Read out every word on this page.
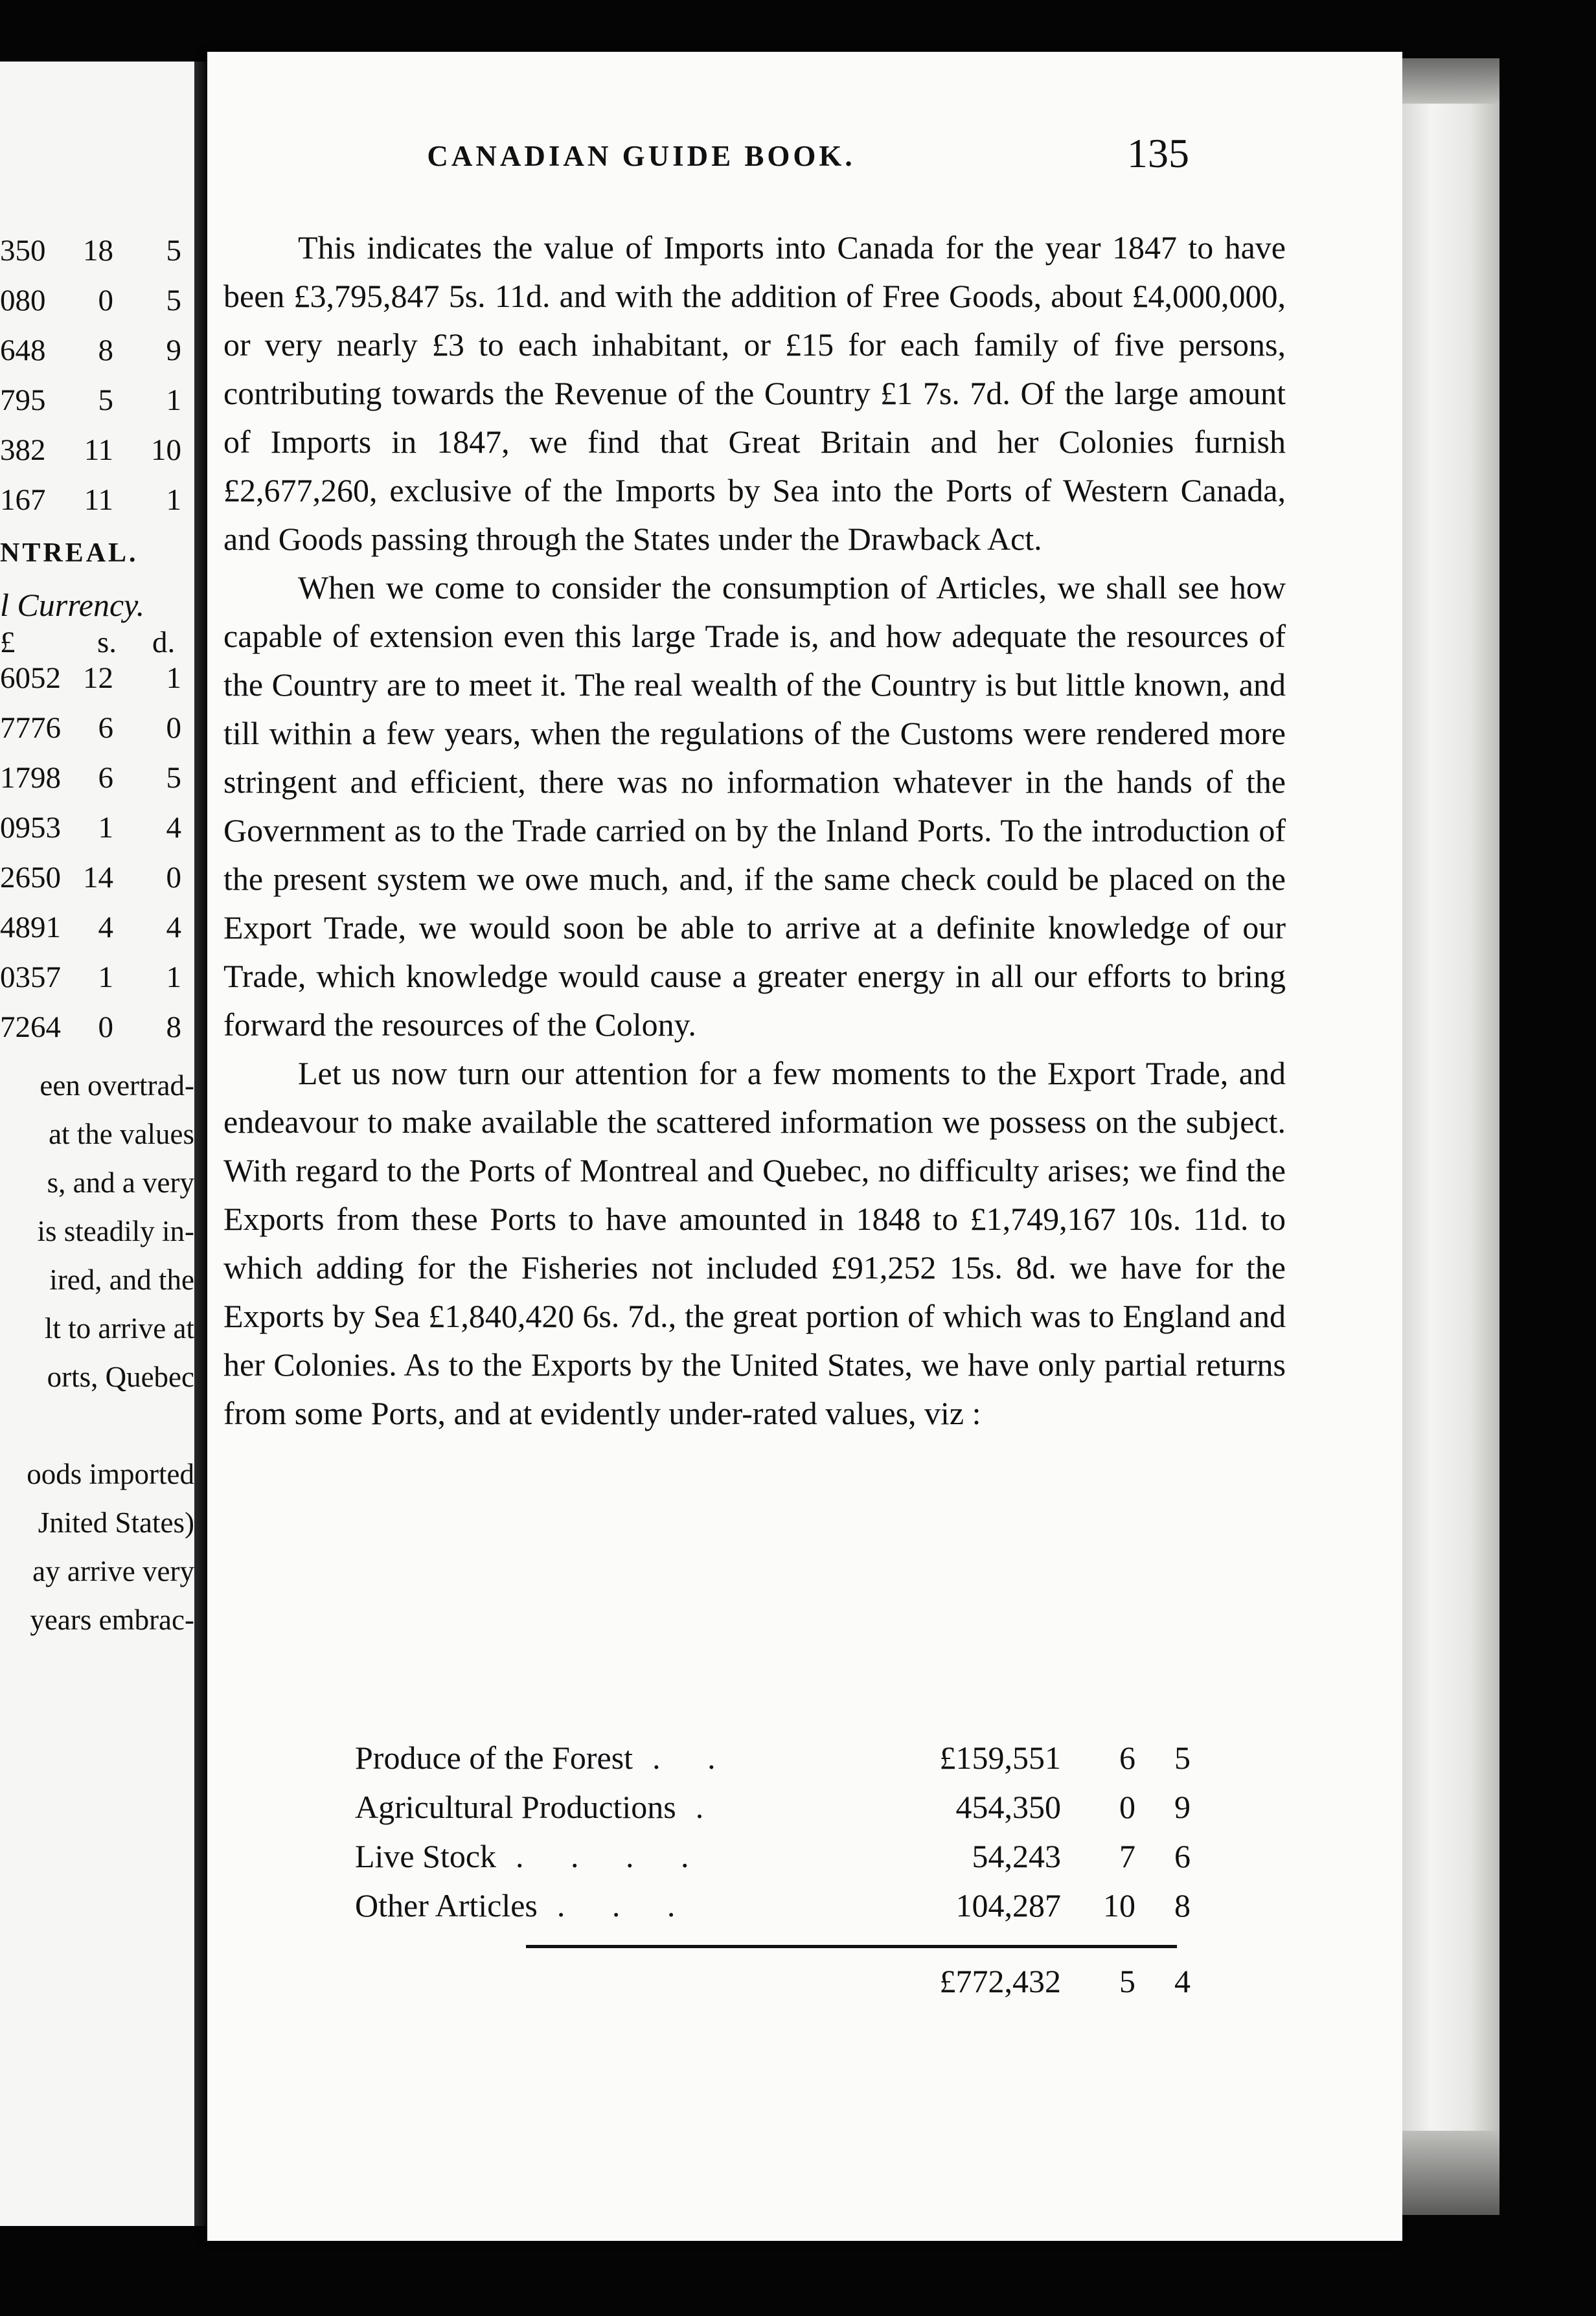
NTREAL.
l Currency.
£	s. d.
350	18	5
080	0	5
648	8	9
795	5	1
382	11 10
167	11	1
6052 12	1
7776	6	0
1798	6	5
0953	1	4
2650 14	0
4891	4	4
0357	1	1
7264	0	8
een overtrad-
at the values
s, and a very
is steadily in-
ired, and the
lt to arrive at
orts, Quebec
oods imported
Jnited States)
ay arrive very
years embrac-
CANADIAN GUIDE BOOK.	135

This indicates the value of Imports into Canada for the year 1847 to have been £3,795,847 5s. 11d. and with the addition of Free Goods, about £4,000,000, or very nearly £3 to each inhabitant, or £15 for each family of five persons, contributing towards the Revenue of the Country £1 7s. 7d. Of the large amount of Imports in 1847, we find that Great Britain and her Colonies furnish £2,677,260, exclusive of the Imports by Sea into the Ports of Western Canada, and Goods passing through the States under the Drawback Act.

When we come to consider the consumption of Articles, we shall see how capable of extension even this large Trade is, and how adequate the resources of the Country are to meet it. The real wealth of the Country is but little known, and till within a few years, when the regulations of the Customs were rendered more stringent and efficient, there was no information whatever in the hands of the Government as to the Trade carried on by the Inland Ports. To the introduction of the present system we owe much, and, if the same check could be placed on the Export Trade, we would soon be able to arrive at a definite knowledge of our Trade, which knowledge would cause a greater energy in all our efforts to bring forward the resources of the Colony.

Let us now turn our attention for a few moments to the Export Trade, and endeavour to make available the scattered information we possess on the subject. With regard to the Ports of Montreal and Quebec, no difficulty arises; we find the Exports from these Ports to have amounted in 1848 to £1,749,167 10s. 11d. to which adding for the Fisheries not included £91,252 15s. 8d. we have for the Exports by Sea £1,840,420 6s. 7d., the great portion of which was to England and her Colonies. As to the Exports by the United States, we have only partial returns from some Ports, and at evidently under-rated values, viz :

Produce of the Forest . .	£159,551	6	5
Agricultural Productions .	454,350	0	9
Live Stock . . . .	54,243	7	6
Other Articles . . .	104,287	10	8
£772,432	5	4
